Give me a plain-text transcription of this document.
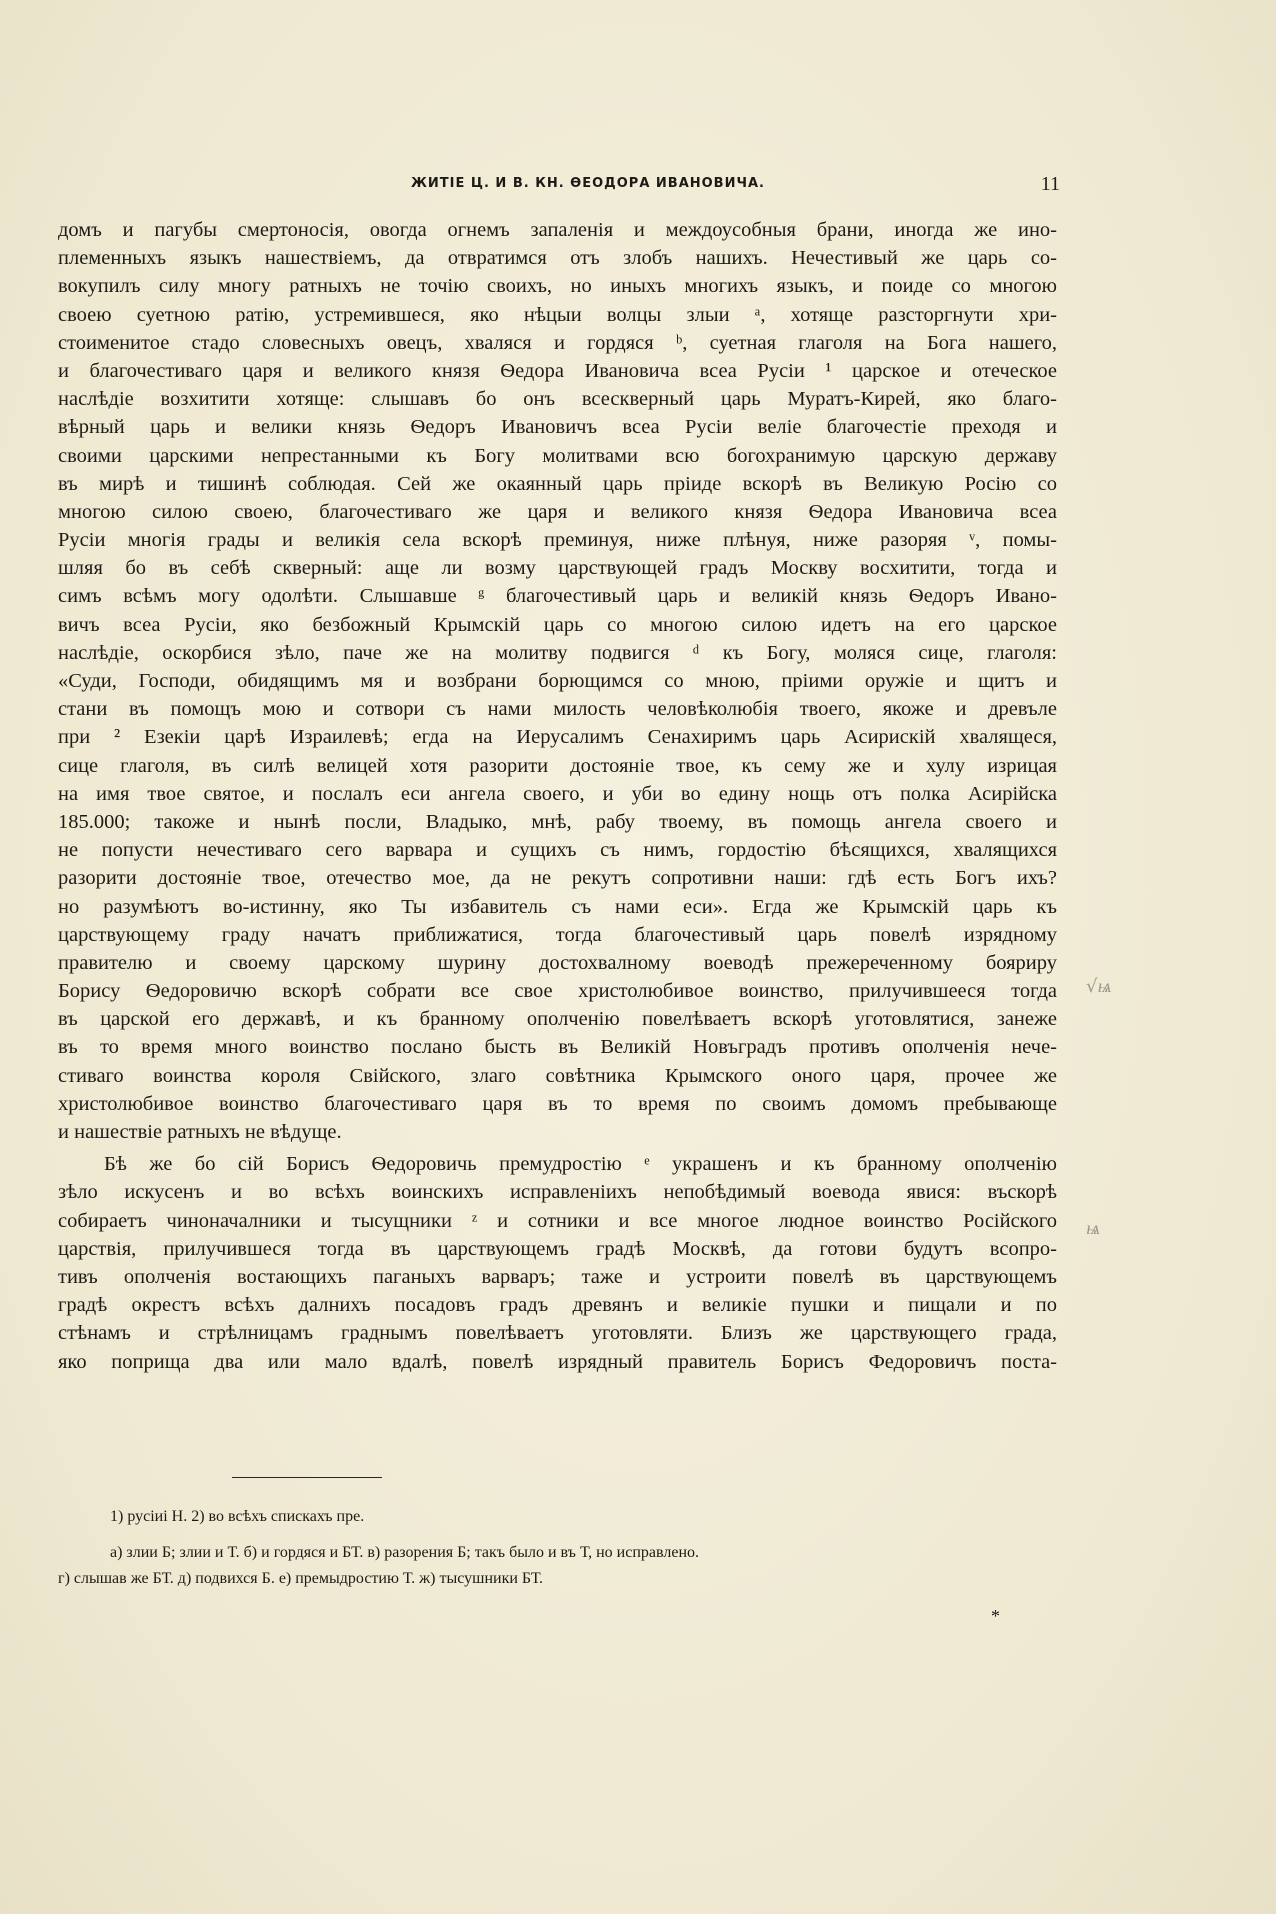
ЖИТІЕ Ц. И В. КН. ѲЕОДОРА ИВАНОВИЧА.	11
домъ и пагубы смертоносія, овогда огнемъ запаленія и междоусобныя брани, иногда же ино-
племенныхъ языкъ нашествіемъ, да отвратимся отъ злобъ нашихъ. Нечестивый же царь со-
вокупилъ силу многу ратныхъ не точію своихъ, но иныхъ многихъ языкъ, и поиде со многою
своею суетною ратію, устремившеся, яко нѣцыи волцы злыи ᵃ, хотяще разсторгнути хри-
стоименитое стадо словесныхъ овецъ, хваляся и гордяся ᵇ, суетная глаголя на Бога нашего,
и благочестиваго царя и великого князя Ѳедора Ивановича всеа Русіи ¹ царское и отеческое
наслѣдіе возхитити хотяще: слышавъ бо онъ всескверный царь Муратъ-Кирей, яко благо-
вѣрный царь и велики князь Ѳедоръ Ивановичъ всеа Русіи веліе благочестіе преходя и
своими царскими непрестанными къ Богу молитвами всю богохранимую царскую державу
въ мирѣ и тишинѣ соблюдая. Сей же окаянный царь пріиде вскорѣ въ Великую Росію со
многою силою своею, благочестиваго же царя и великого князя Ѳедора Ивановича всеа
Русіи многія грады и великія села вскорѣ преминуя, ниже плѣнуя, ниже разоряя ᵛ, помы-
шляя бо въ себѣ скверный: аще ли возму царствующей градъ Москву восхитити, тогда и
симъ всѣмъ могу одолѣти. Слышавше ᵍ благочестивый царь и великій князь Ѳедоръ Ивано-
вичъ всеа Русіи, яко безбожный Крымскій царь со многою силою идетъ на его царское
наслѣдіе, оскорбися зѣло, паче же на молитву подвигся ᵈ къ Богу, моляся сице, глаголя:
«Суди, Господи, обидящимъ мя и возбрани борющимся со мною, пріими оружіе и щитъ и
стани въ помощъ мою и сотвори съ нами милость человѣколюбія твоего, якоже и древъле
при ² Езекіи царѣ Израилевѣ; егда на Иерусалимъ Сенахиримъ царь Асирискій хвалящеся,
сице глаголя, въ силѣ велицей хотя разорити достояніе твое, къ сему же и хулу изрицая
на имя твое святое, и послалъ еси ангела своего, и уби во едину нощь отъ полка Асирійска
185.000; такоже и нынѣ посли, Владыко, мнѣ, рабу твоему, въ помощь ангела своего и
не попусти нечестиваго сего варвара и сущихъ съ нимъ, гордостію бѣсящихся, хвалящихся
разорити достояніе твое, отечество мое, да не рекутъ сопротивни наши: гдѣ есть Богъ ихъ?
но разумѣютъ во-истинну, яко Ты избавитель съ нами еси». Егда же Крымскій царь къ
царствующему граду начатъ приближатися, тогда благочестивый царь повелѣ изрядному
правителю и своему царскому шурину достохвалному воеводѣ прежереченному бояриру
Борису Ѳедоровичю вскорѣ собрати все свое христолюбивое воинство, прилучившееся тогда
въ царской его державѣ, и къ бранному ополченію повелѣваетъ вскорѣ уготовлятися, занеже
въ то время много воинство послано бысть въ Великій Новъградъ противъ ополченія нече-
стиваго воинства короля Свійского, злаго совѣтника Крымского оного царя, прочее же
христолюбивое воинство благочестиваго царя въ то время по своимъ домомъ пребывающе
и нашествіе ратныхъ не вѣдуще.
Бѣ же бо сій Борисъ Ѳедоровичь премудростію ᵉ украшенъ и къ бранному ополченію
зѣло искусенъ и во всѣхъ воинскихъ исправленіихъ непобѣдимый воевода явися: въскорѣ
собираетъ чиноначалники и тысущники ᶻ и сотники и все многое людное воинство Російского
царствія, прилучившеся тогда въ царствующемъ градѣ Москвѣ, да готови будутъ всопро-
тивъ ополченія востающихъ паганыхъ варваръ; таже и устроити повелѣ въ царствующемъ
градѣ окрестъ всѣхъ далнихъ посадовъ градъ древянъ и великіе пушки и пищали и по
стѣнамъ и стрѣлницамъ граднымъ повелѣваетъ уготовляти. Близъ же царствующего града,
яко поприща два или мало вдалѣ, повелѣ изрядный правитель Борисъ Федоровичъ поста-
1) русіиі Н. 2) во всѣхъ спискахъ пре.
а) злии Б; злии и Т. б) и гордяся и БТ. в) разорения Б; такъ было и въ Т, но исправлено.
г) слышав же БТ. д) подвихся Б. е) премыдростию Т. ж) тысушники БТ.
*
√ѩ
ѩ
